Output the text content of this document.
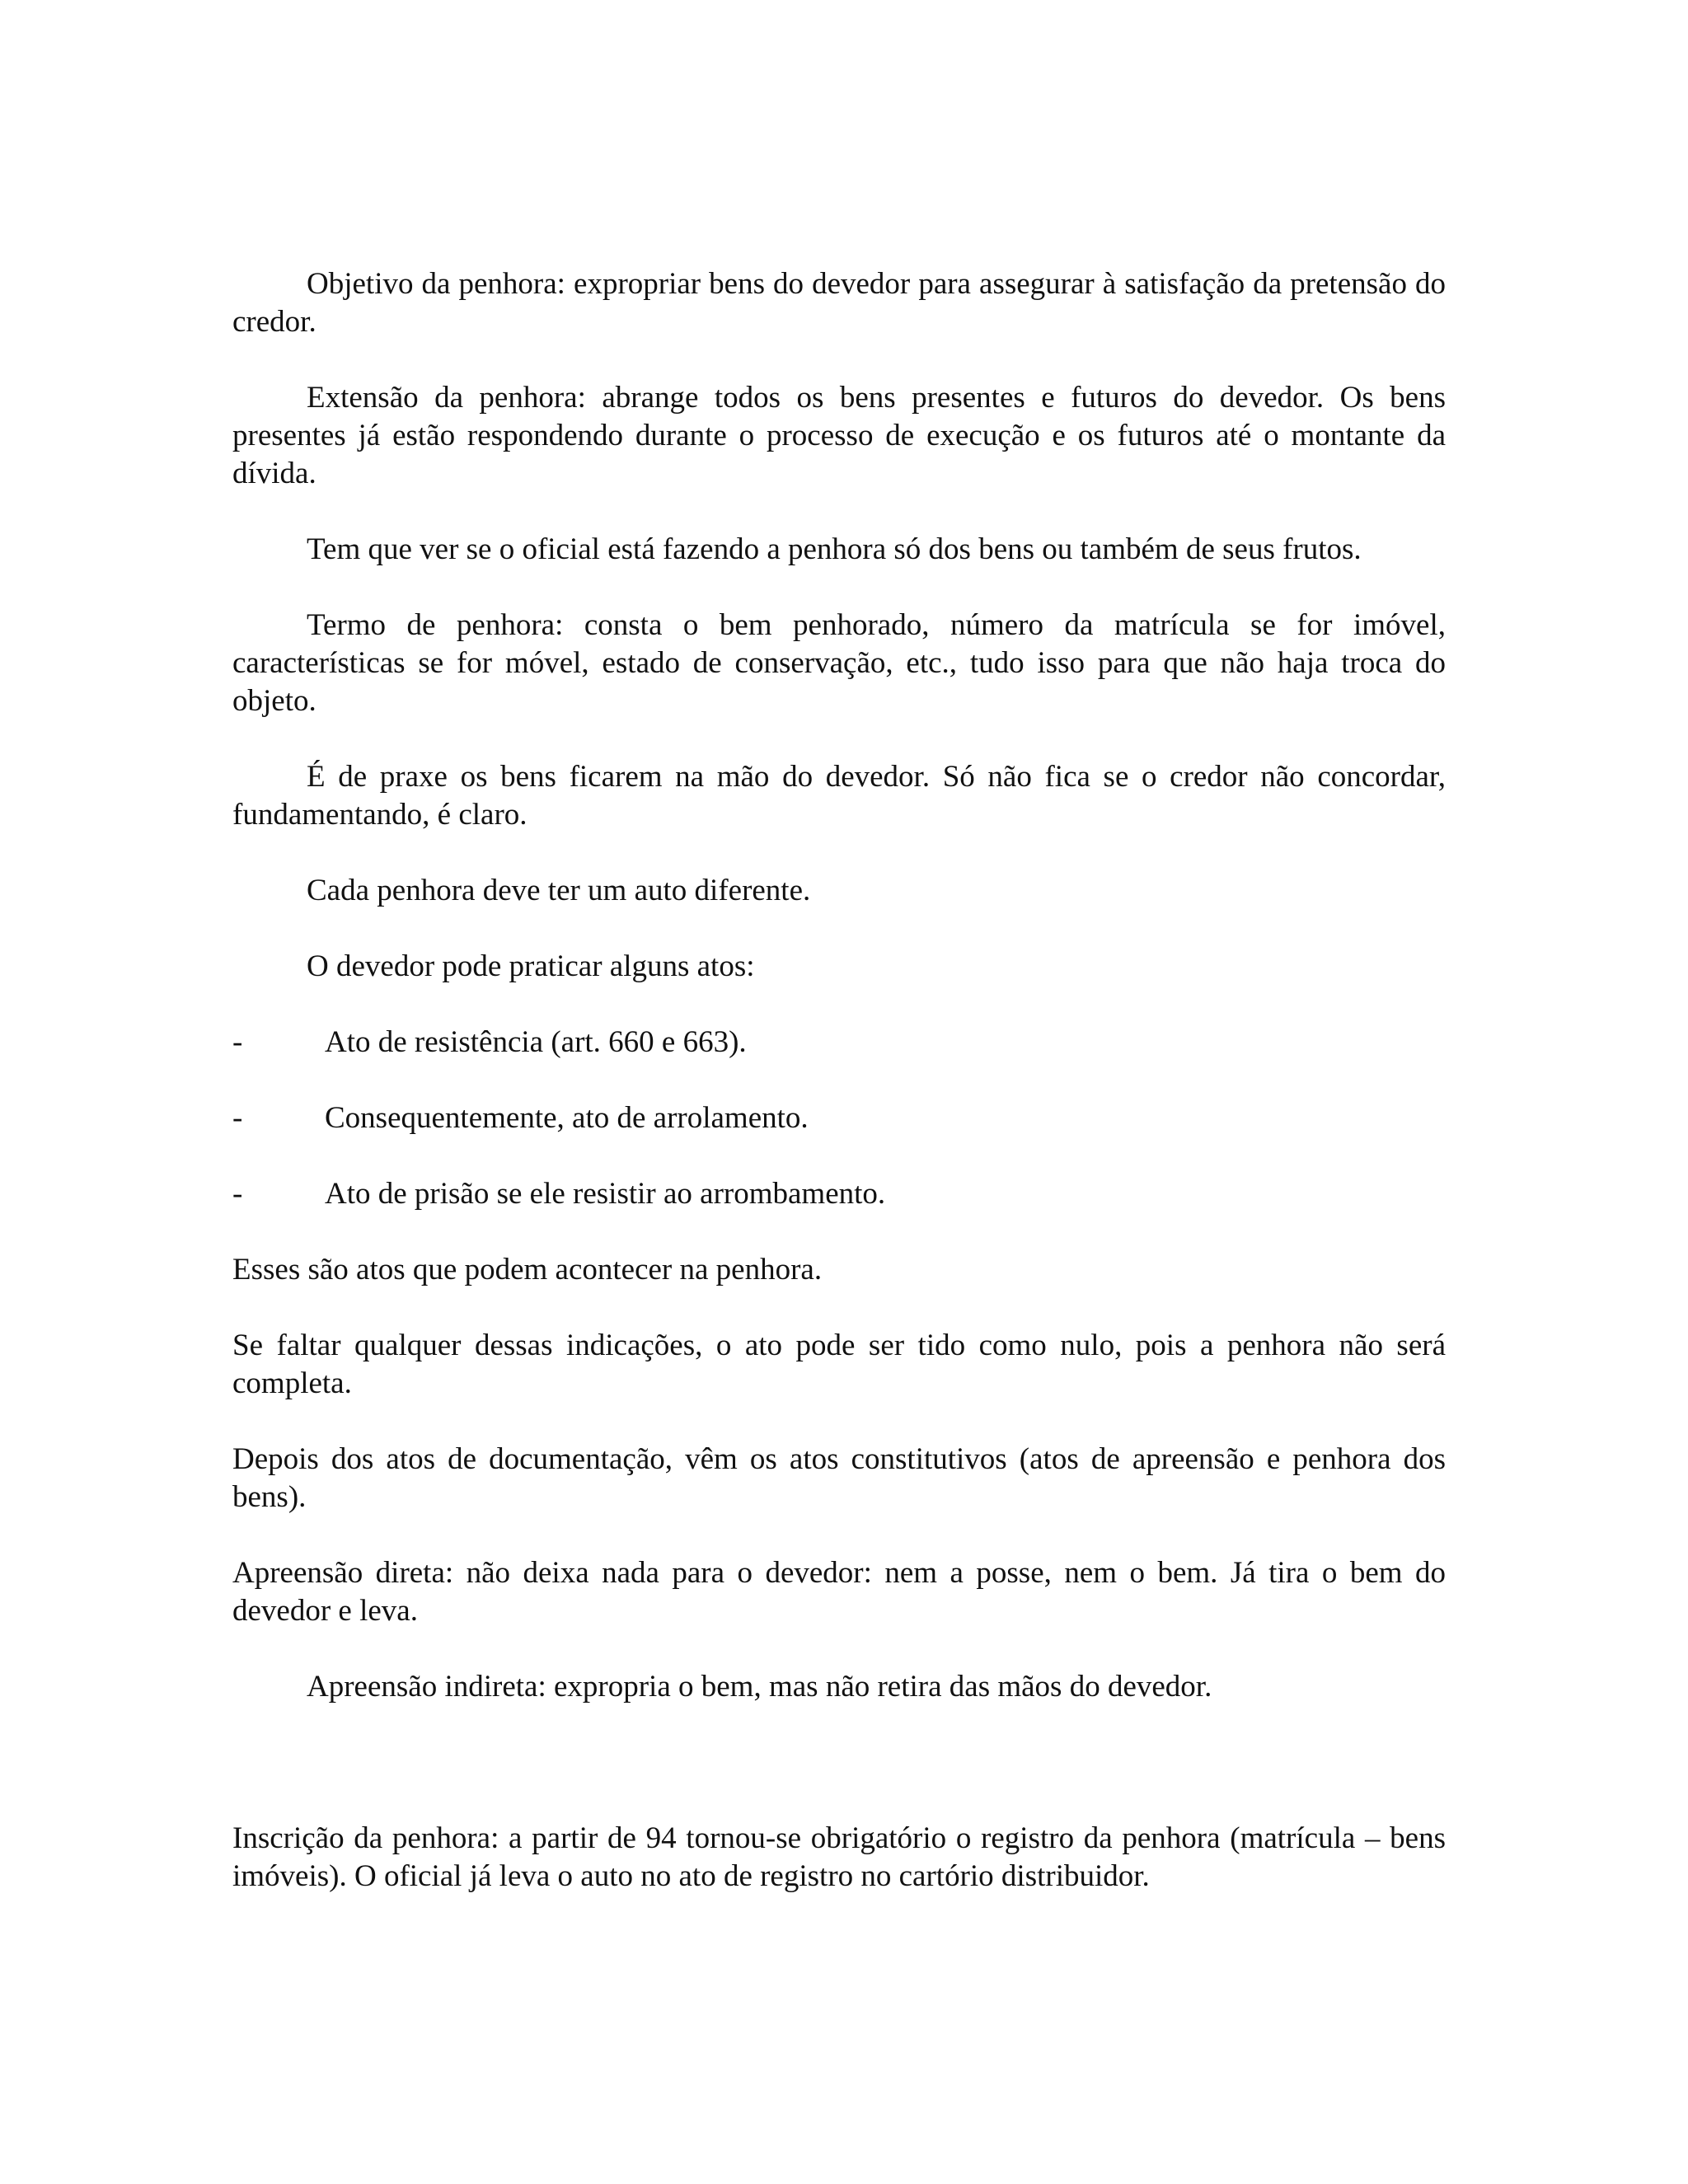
Objetivo da penhora: expropriar bens do devedor para assegurar à satisfação da pretensão do credor.

Extensão da penhora: abrange todos os bens presentes e futuros do devedor. Os bens presentes já estão respondendo durante o processo de execução e os futuros até o montante da dívida.

Tem que ver se o oficial está fazendo a penhora só dos bens ou também de seus frutos.

Termo de penhora: consta o bem penhorado, número da matrícula se for imóvel, características se for móvel, estado de conservação, etc., tudo isso para que não haja troca do objeto.

É de praxe os bens ficarem na mão do devedor. Só não fica se o credor não concordar, fundamentando, é claro.

Cada penhora deve ter um auto diferente.

O devedor pode praticar alguns atos:

-	Ato de resistência (art. 660 e 663).
-	Consequentemente, ato de arrolamento.
-	Ato de prisão se ele resistir ao arrombamento.

Esses são atos que podem acontecer na penhora.

Se faltar qualquer dessas indicações, o ato pode ser tido como nulo, pois a penhora não será completa.

Depois dos atos de documentação, vêm os atos constitutivos (atos de apreensão e penhora dos bens).

Apreensão direta: não deixa nada para o devedor: nem a posse, nem o bem. Já tira o bem do devedor e leva.

Apreensão indireta: expropria o bem, mas não retira das mãos do devedor.

Inscrição da penhora: a partir de 94 tornou-se obrigatório o registro da penhora (matrícula – bens imóveis). O oficial já leva o auto no ato de registro no cartório distribuidor.
